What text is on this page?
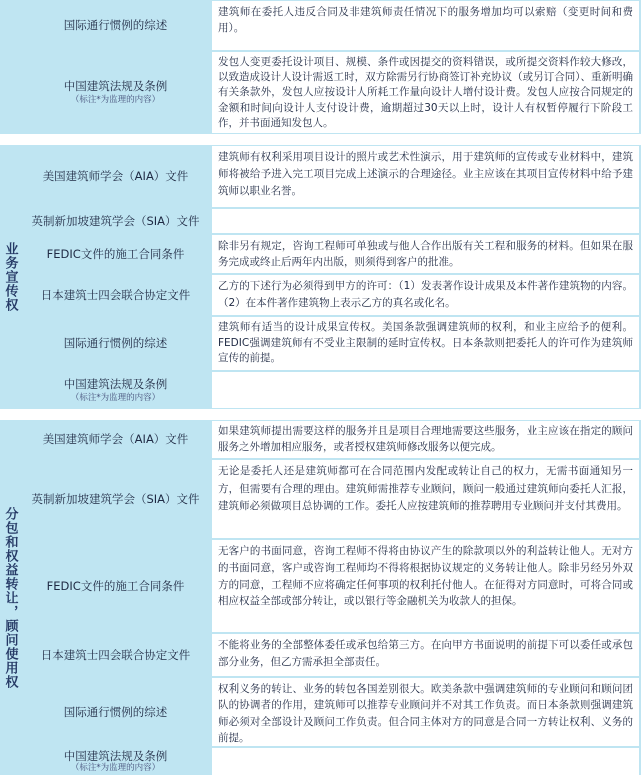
国际通行惯例的综述
建筑师在委托人违反合同及非建筑师责任情况下的服务增加均可以索赔（变更时间和费用）。
中国建筑法规及条例
（标注*为监理的内容）
发包人变更委托设计项目、规模、条件或因提交的资料错误，或所提交资料作较大修改，以致造成设计人设计需返工时，双方除需另行协商签订补充协议（或另订合同）、重新明确有关条款外，发包人应按设计人所耗工作量向设计人增付设计费。发包人应按合同规定的金额和时间向设计人支付设计费，逾期超过30天以上时，设计人有权暂停履行下阶段工作，并书面通知发包人。
业务宣传权
美国建筑师学会（AIA）文件
建筑师有权利采用项目设计的照片或艺术性演示，用于建筑师的宣传或专业材料中，建筑师将被给予进入完工项目完成上述演示的合理途径。业主应该在其项目宣传材料中给予建筑师以职业名誉。
英制新加坡建筑学会（SIA）文件
FEDIC文件的施工合同条件
除非另有规定，咨询工程师可单独或与他人合作出版有关工程和服务的材料。但如果在服务完成或终止后两年内出版，则须得到客户的批准。
日本建筑士四会联合协定文件
乙方的下述行为必须得到甲方的许可：（1）发表著作设计成果及本件著作建筑物的内容。（2）在本件著作建筑物上表示乙方的真名或化名。
国际通行惯例的综述
建筑师有适当的设计成果宣传权。美国条款强调建筑师的权利，和业主应给予的便利。FEDIC强调建筑师有不受业主限制的延时宣传权。日本条款则把委托人的许可作为建筑师宣传的前提。
中国建筑法规及条例
（标注*为监理的内容）
分包和权益转让，顾问使用权
美国建筑师学会（AIA）文件
如果建筑师提出需要这样的服务并且是项目合理地需要这些服务，业主应该在指定的顾问服务之外增加相应服务，或者授权建筑师修改服务以便完成。
英制新加坡建筑学会（SIA）文件
无论是委托人还是建筑师都可在合同范围内发配或转让自己的权力，无需书面通知另一方，但需要有合理的理由。建筑师需推荐专业顾问，顾问一般通过建筑师向委托人汇报，建筑师必须做项目总协调的工作。委托人应按建筑师的推荐聘用专业顾问并支付其费用。
FEDIC文件的施工合同条件
无客户的书面同意，咨询工程师不得将由协议产生的除款项以外的利益转让他人。无对方的书面同意，客户或咨询工程师均不得将根据协议规定的义务转让他人。除非另经另外双方的同意，工程师不应将确定任何事项的权利托付他人。在征得对方同意时，可将合同或相应权益全部或部分转让，或以银行等金融机关为收款人的担保。
日本建筑士四会联合协定文件
不能将业务的全部整体委任或承包给第三方。在向甲方书面说明的前提下可以委任或承包部分业务，但乙方需承担全部责任。
国际通行惯例的综述
权利义务的转让、业务的转包各国差别很大。欧美条款中强调建筑师的专业顾问和顾问团队的协调者的作用，建筑师可以推荐专业顾问并不对其工作负责。而日本条款则强调建筑师必须对全部设计及顾问工作负责。但合同主体对方的同意是合同一方转让权利、义务的前提。
中国建筑法规及条例
（标注*为监理的内容）
